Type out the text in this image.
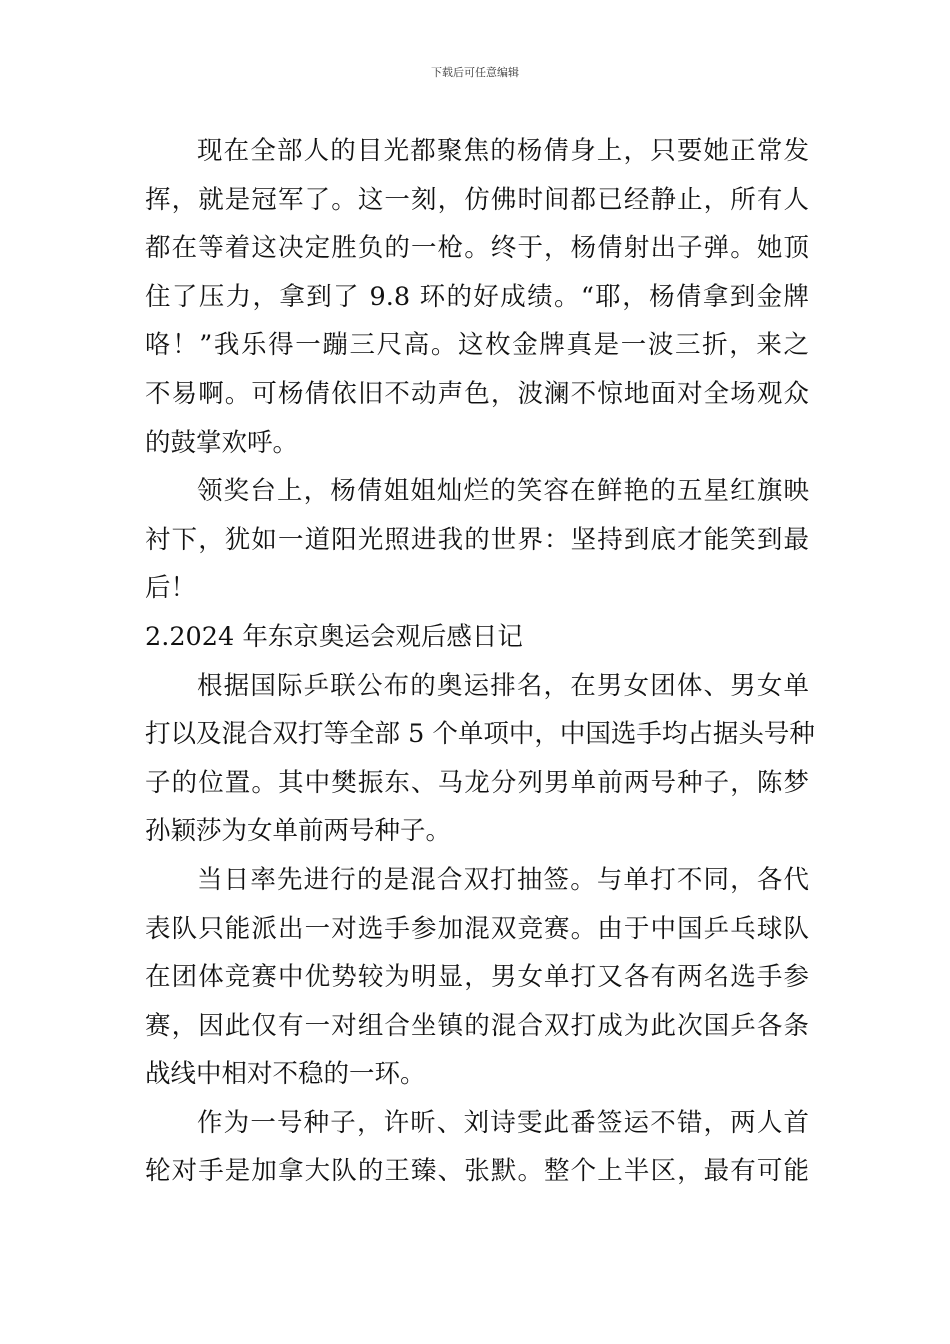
下载后可任意编辑
现在全部人的目光都聚焦的杨倩身上，只要她正常发
挥，就是冠军了。这一刻，仿佛时间都已经静止，所有人
都在等着这决定胜负的一枪。终于，杨倩射出子弹。她顶
住了压力，拿到了 9.8 环的好成绩。“耶，杨倩拿到金牌
咯！”我乐得一蹦三尺高。这枚金牌真是一波三折，来之
不易啊。可杨倩依旧不动声色，波澜不惊地面对全场观众
的鼓掌欢呼。
领奖台上，杨倩姐姐灿烂的笑容在鲜艳的五星红旗映
衬下，犹如一道阳光照进我的世界：坚持到底才能笑到最
后！
2.2024 年东京奥运会观后感日记
根据国际乒联公布的奥运排名，在男女团体、男女单
打以及混合双打等全部 5 个单项中，中国选手均占据头号种
子的位置。其中樊振东、马龙分列男单前两号种子，陈梦
孙颖莎为女单前两号种子。
当日率先进行的是混合双打抽签。与单打不同，各代
表队只能派出一对选手参加混双竞赛。由于中国乒乓球队
在团体竞赛中优势较为明显，男女单打又各有两名选手参
赛，因此仅有一对组合坐镇的混合双打成为此次国乒各条
战线中相对不稳的一环。
作为一号种子，许昕、刘诗雯此番签运不错，两人首
轮对手是加拿大队的王臻、张默。整个上半区，最有可能
